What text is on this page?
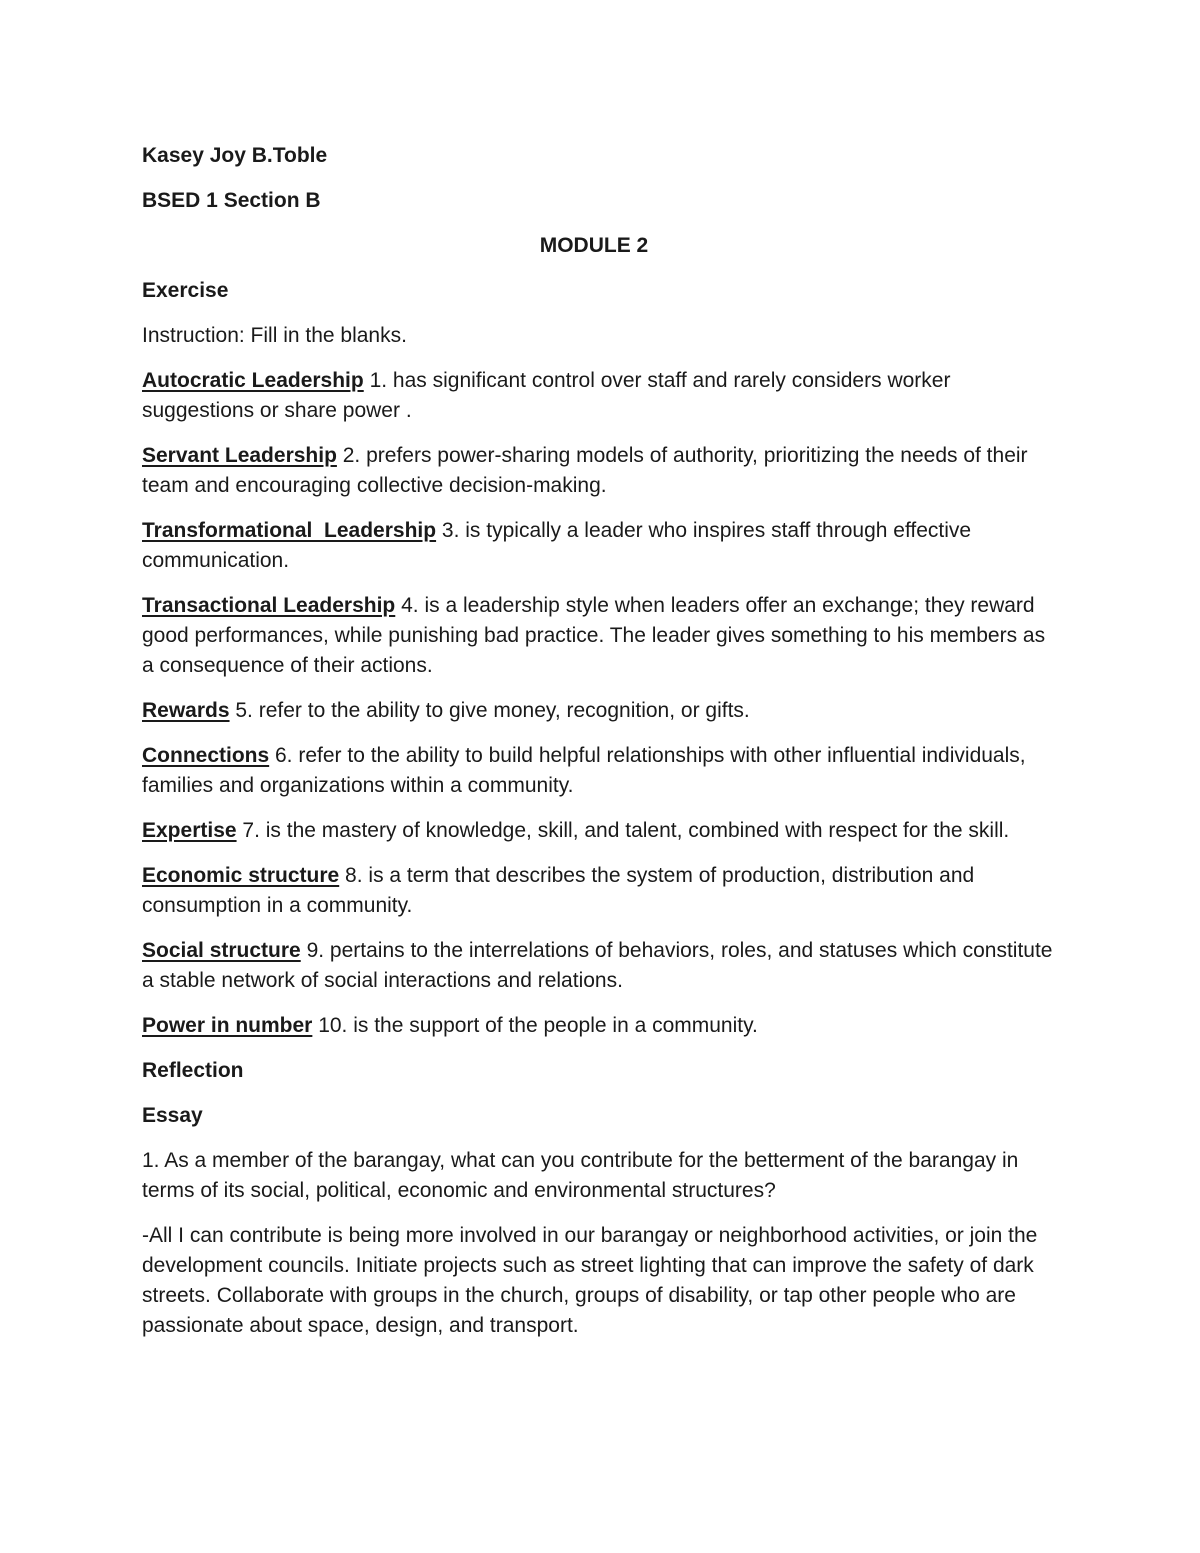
Kasey Joy B.Toble

BSED 1 Section B

MODULE 2

Exercise

Instruction: Fill in the blanks.

Autocratic Leadership 1. has significant control over staff and rarely considers worker suggestions or share power .

Servant Leadership 2. prefers power-sharing models of authority, prioritizing the needs of their team and encouraging collective decision-making.

Transformational  Leadership 3. is typically a leader who inspires staff through effective communication.

Transactional Leadership 4. is a leadership style when leaders offer an exchange; they reward good performances, while punishing bad practice. The leader gives something to his members as a consequence of their actions.

Rewards 5. refer to the ability to give money, recognition, or gifts.

Connections 6. refer to the ability to build helpful relationships with other influential individuals, families and organizations within a community.

Expertise 7. is the mastery of knowledge, skill, and talent, combined with respect for the skill.

Economic structure 8. is a term that describes the system of production, distribution and consumption in a community.

Social structure 9. pertains to the interrelations of behaviors, roles, and statuses which constitute a stable network of social interactions and relations.

Power in number 10. is the support of the people in a community.

Reflection

Essay

1. As a member of the barangay, what can you contribute for the betterment of the barangay in terms of its social, political, economic and environmental structures?

-All I can contribute is being more involved in our barangay or neighborhood activities, or join the development councils. Initiate projects such as street lighting that can improve the safety of dark streets. Collaborate with groups in the church, groups of disability, or tap other people who are passionate about space, design, and transport.
